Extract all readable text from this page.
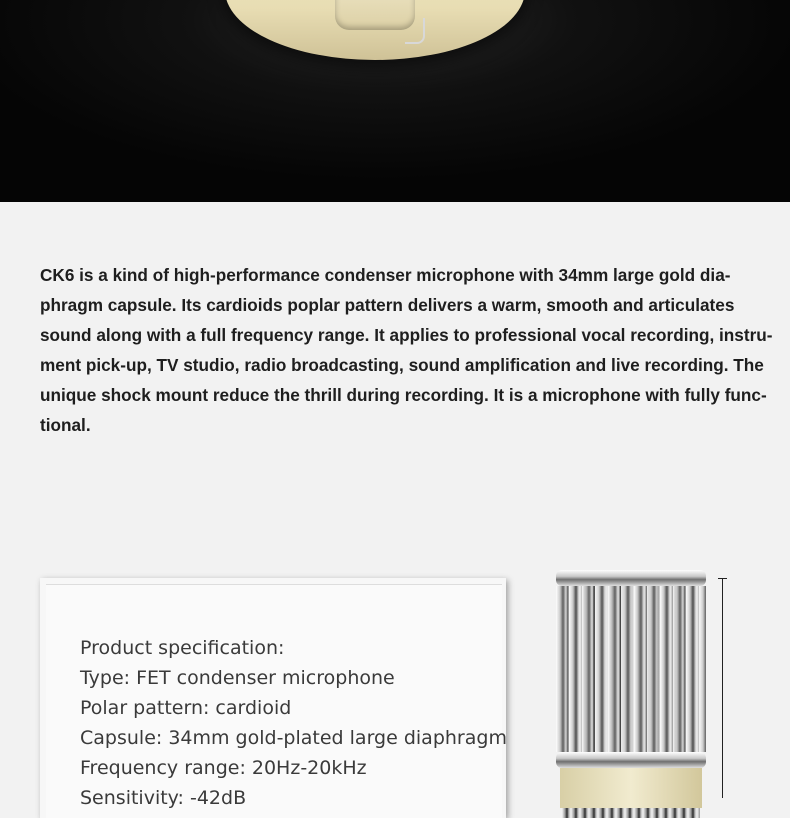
CK6 is a kind of high-performance condenser microphone with 34mm large gold dia-
phragm capsule. Its cardioids poplar pattern delivers a warm, smooth and articulates
sound along with a full frequency range. It applies to professional vocal recording, instru-
ment pick-up, TV studio, radio broadcasting, sound amplification and live recording. The
unique shock mount reduce the thrill during recording. It is a microphone with fully func-
tional.

Product specification:
Type: FET condenser microphone
Polar pattern: cardioid
Capsule: 34mm gold-plated large diaphragm
Frequency range: 20Hz-20kHz
Sensitivity: -42dB
